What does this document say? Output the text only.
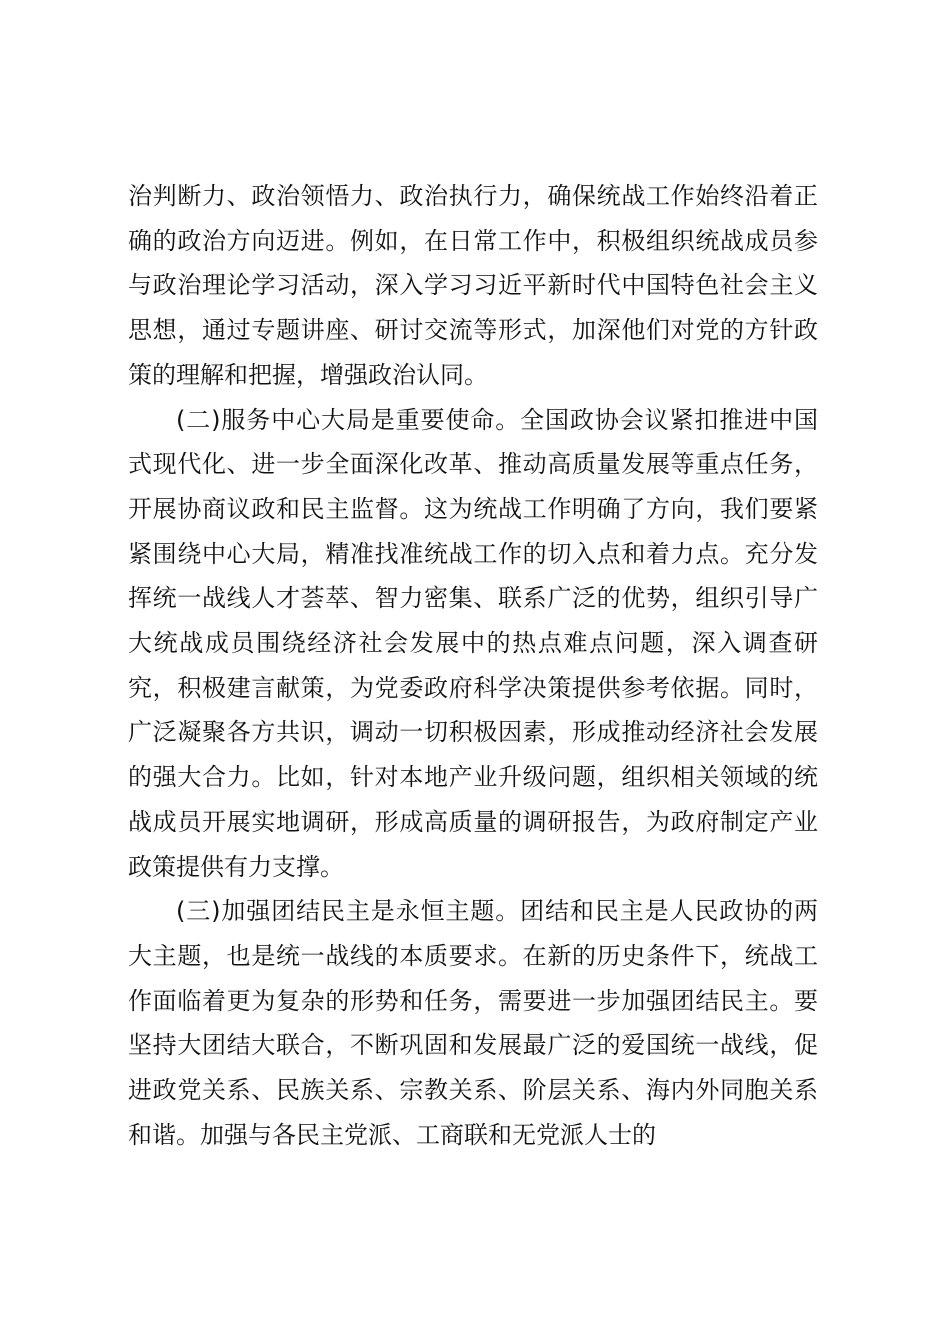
治判断力、政治领悟力、政治执行力，确保统战工作始终沿着正确的政治方向迈进。例如，在日常工作中，积极组织统战成员参与政治理论学习活动，深入学习习近平新时代中国特色社会主义思想，通过专题讲座、研讨交流等形式，加深他们对党的方针政策的理解和把握，增强政治认同。

(二)服务中心大局是重要使命。全国政协会议紧扣推进中国式现代化、进一步全面深化改革、推动高质量发展等重点任务，开展协商议政和民主监督。这为统战工作明确了方向，我们要紧紧围绕中心大局，精准找准统战工作的切入点和着力点。充分发挥统一战线人才荟萃、智力密集、联系广泛的优势，组织引导广大统战成员围绕经济社会发展中的热点难点问题，深入调查研究，积极建言献策，为党委政府科学决策提供参考依据。同时，广泛凝聚各方共识，调动一切积极因素，形成推动经济社会发展的强大合力。比如，针对本地产业升级问题，组织相关领域的统战成员开展实地调研，形成高质量的调研报告，为政府制定产业政策提供有力支撑。

(三)加强团结民主是永恒主题。团结和民主是人民政协的两大主题，也是统一战线的本质要求。在新的历史条件下，统战工作面临着更为复杂的形势和任务，需要进一步加强团结民主。要坚持大团结大联合，不断巩固和发展最广泛的爱国统一战线，促进政党关系、民族关系、宗教关系、阶层关系、海内外同胞关系和谐。加强与各民主党派、工商联和无党派人士的
